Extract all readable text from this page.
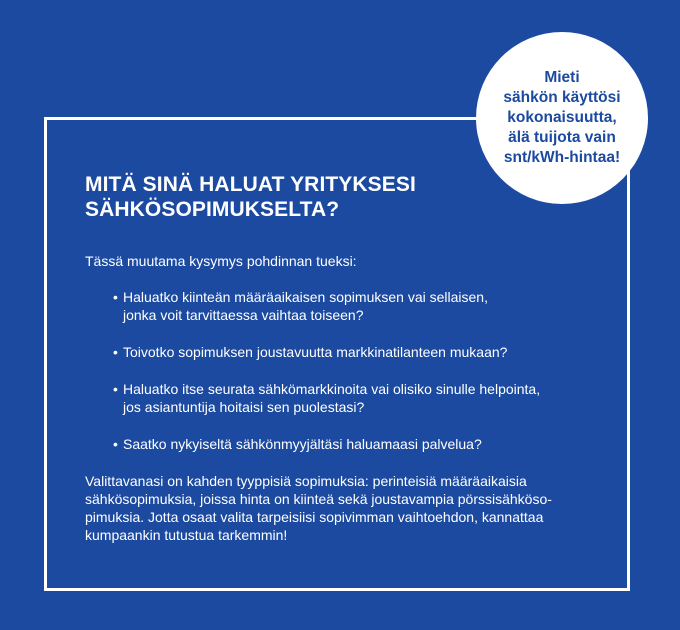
Mieti
sähkön käyttösi
kokonaisuutta,
älä tuijota vain
snt/kWh-hintaa!
MITÄ SINÄ HALUAT YRITYKSESI
SÄHKÖSOPIMUKSELTA?

Tässä muutama kysymys pohdinnan tueksi:

• Haluatko kiinteän määräaikaisen sopimuksen vai sellaisen,
jonka voit tarvittaessa vaihtaa toiseen?
• Toivotko sopimuksen joustavuutta markkinatilanteen mukaan?
• Haluatko itse seurata sähkömarkkinoita vai olisiko sinulle helpointa,
jos asiantuntija hoitaisi sen puolestasi?
• Saatko nykyiseltä sähkönmyyjältäsi haluamaasi palvelua?

Valittavanasi on kahden tyyppisiä sopimuksia: perinteisiä määräaikaisia
sähkösopimuksia, joissa hinta on kiinteä sekä joustavampia pörssisähköso-
pimuksia. Jotta osaat valita tarpeisiisi sopivimman vaihtoehdon, kannattaa
kumpaankin tutustua tarkemmin!
